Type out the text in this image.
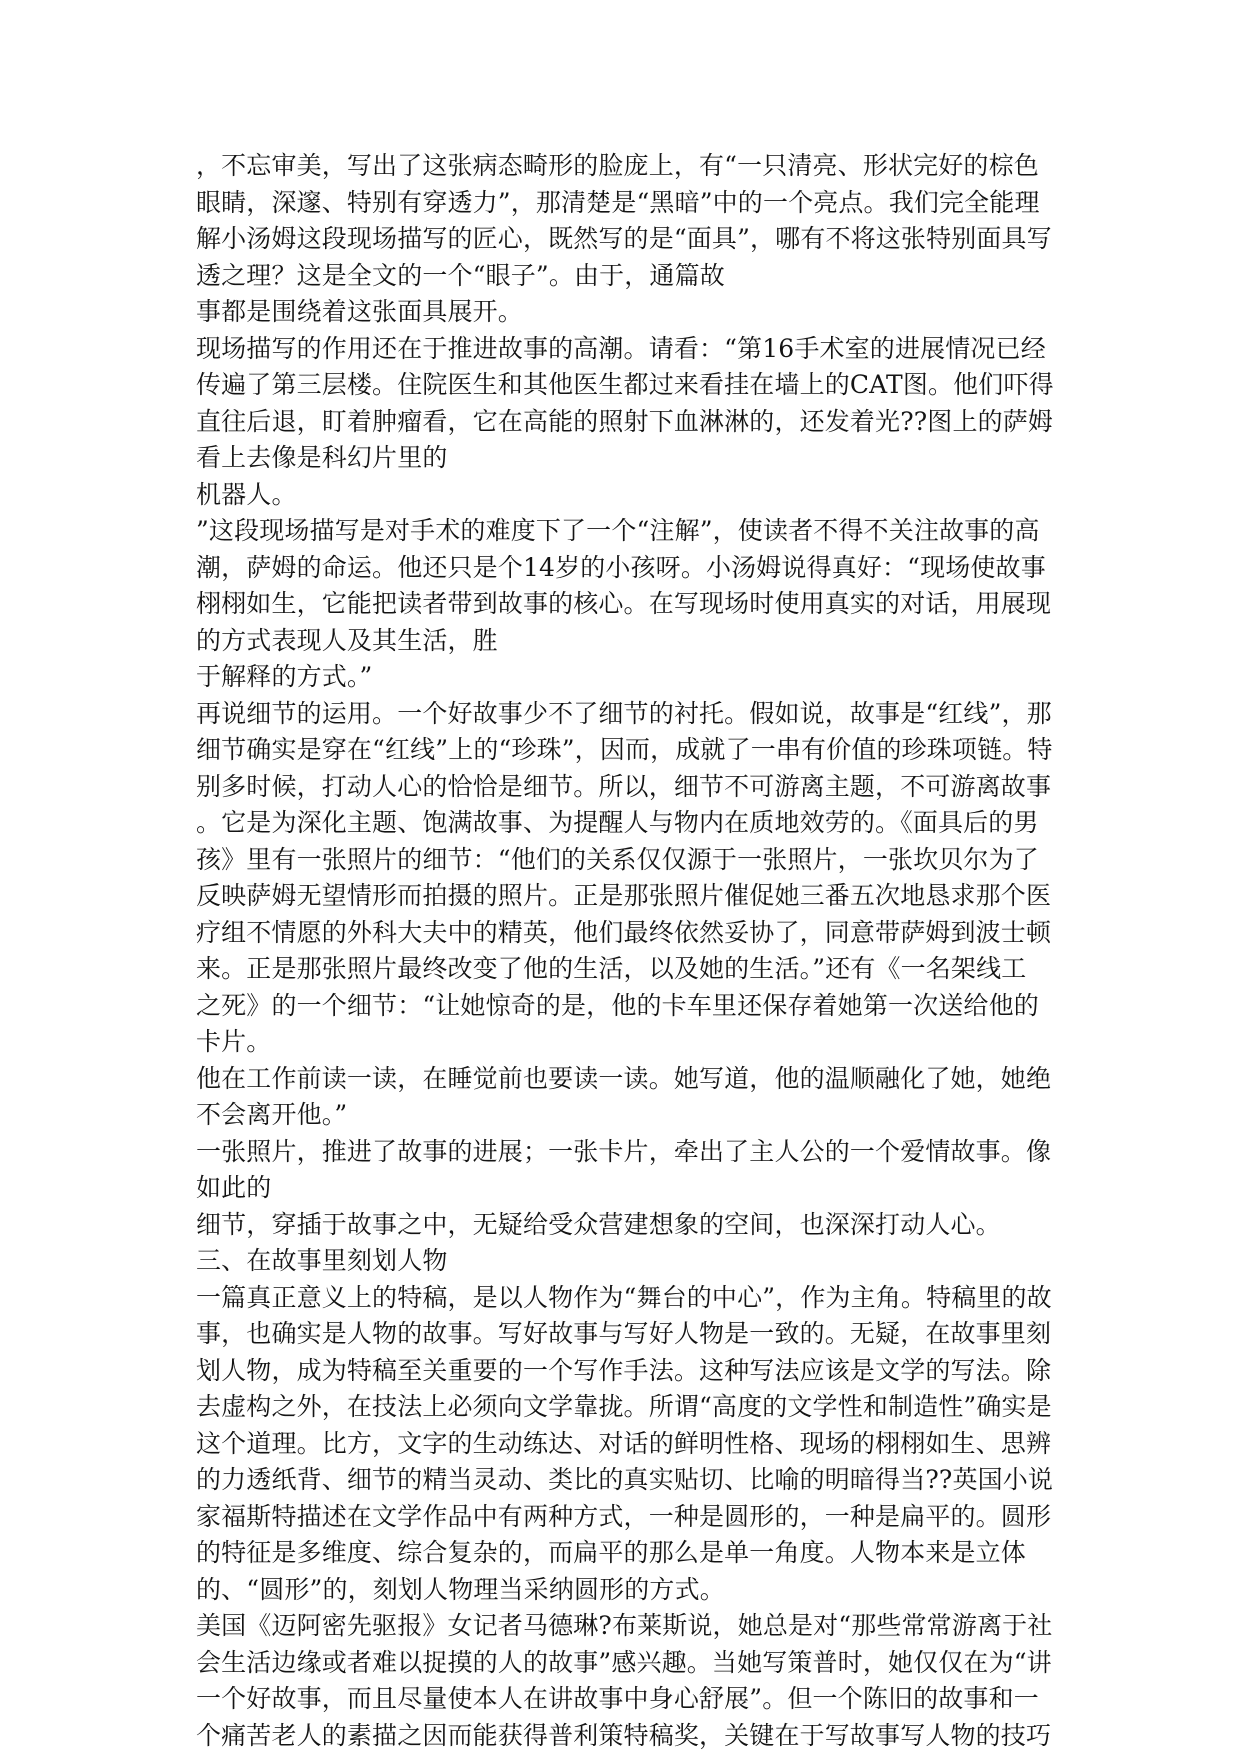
，不忘审美，写出了这张病态畸形的脸庞上，有“一只清亮、形状完好的棕色
眼睛，深邃、特别有穿透力”，那清楚是“黑暗”中的一个亮点。我们完全能理
解小汤姆这段现场描写的匠心，既然写的是“面具”，哪有不将这张特别面具写
透之理？这是全文的一个“眼子”。由于，通篇故
事都是围绕着这张面具展开。
现场描写的作用还在于推进故事的高潮。请看：“第16手术室的进展情况已经
传遍了第三层楼。住院医生和其他医生都过来看挂在墙上的CAT图。他们吓得
直往后退，盯着肿瘤看，它在高能的照射下血淋淋的，还发着光??图上的萨姆
看上去像是科幻片里的
机器人。
”这段现场描写是对手术的难度下了一个“注解”，使读者不得不关注故事的高
潮，萨姆的命运。他还只是个14岁的小孩呀。小汤姆说得真好：“现场使故事
栩栩如生，它能把读者带到故事的核心。在写现场时使用真实的对话，用展现
的方式表现人及其生活，胜
于解释的方式。”
再说细节的运用。一个好故事少不了细节的衬托。假如说，故事是“红线”，那
细节确实是穿在“红线”上的“珍珠”，因而，成就了一串有价值的珍珠项链。特
别多时候，打动人心的恰恰是细节。所以，细节不可游离主题，不可游离故事
。它是为深化主题、饱满故事、为提醒人与物内在质地效劳的。《面具后的男
孩》里有一张照片的细节：“他们的关系仅仅源于一张照片，一张坎贝尔为了
反映萨姆无望情形而拍摄的照片。正是那张照片催促她三番五次地恳求那个医
疗组不情愿的外科大夫中的精英，他们最终依然妥协了，同意带萨姆到波士顿
来。正是那张照片最终改变了他的生活，以及她的生活。”还有《一名架线工
之死》的一个细节：“让她惊奇的是，他的卡车里还保存着她第一次送给他的
卡片。
他在工作前读一读，在睡觉前也要读一读。她写道，他的温顺融化了她，她绝
不会离开他。”
一张照片，推进了故事的进展；一张卡片，牵出了主人公的一个爱情故事。像
如此的
细节，穿插于故事之中，无疑给受众营建想象的空间，也深深打动人心。
三、在故事里刻划人物
一篇真正意义上的特稿，是以人物作为“舞台的中心”，作为主角。特稿里的故
事，也确实是人物的故事。写好故事与写好人物是一致的。无疑，在故事里刻
划人物，成为特稿至关重要的一个写作手法。这种写法应该是文学的写法。除
去虚构之外，在技法上必须向文学靠拢。所谓“高度的文学性和制造性”确实是
这个道理。比方，文字的生动练达、对话的鲜明性格、现场的栩栩如生、思辨
的力透纸背、细节的精当灵动、类比的真实贴切、比喻的明暗得当??英国小说
家福斯特描述在文学作品中有两种方式，一种是圆形的，一种是扁平的。圆形
的特征是多维度、综合复杂的，而扁平的那么是单一角度。人物本来是立体
的、“圆形”的，刻划人物理当采纳圆形的方式。
美国《迈阿密先驱报》女记者马德琳?布莱斯说，她总是对“那些常常游离于社
会生活边缘或者难以捉摸的人的故事”感兴趣。当她写策普时，她仅仅在为“讲
一个好故事，而且尽量使本人在讲故事中身心舒展”。但一个陈旧的故事和一
个痛苦老人的素描之因而能获得普利策特稿奖，关键在于写故事写人物的技巧
